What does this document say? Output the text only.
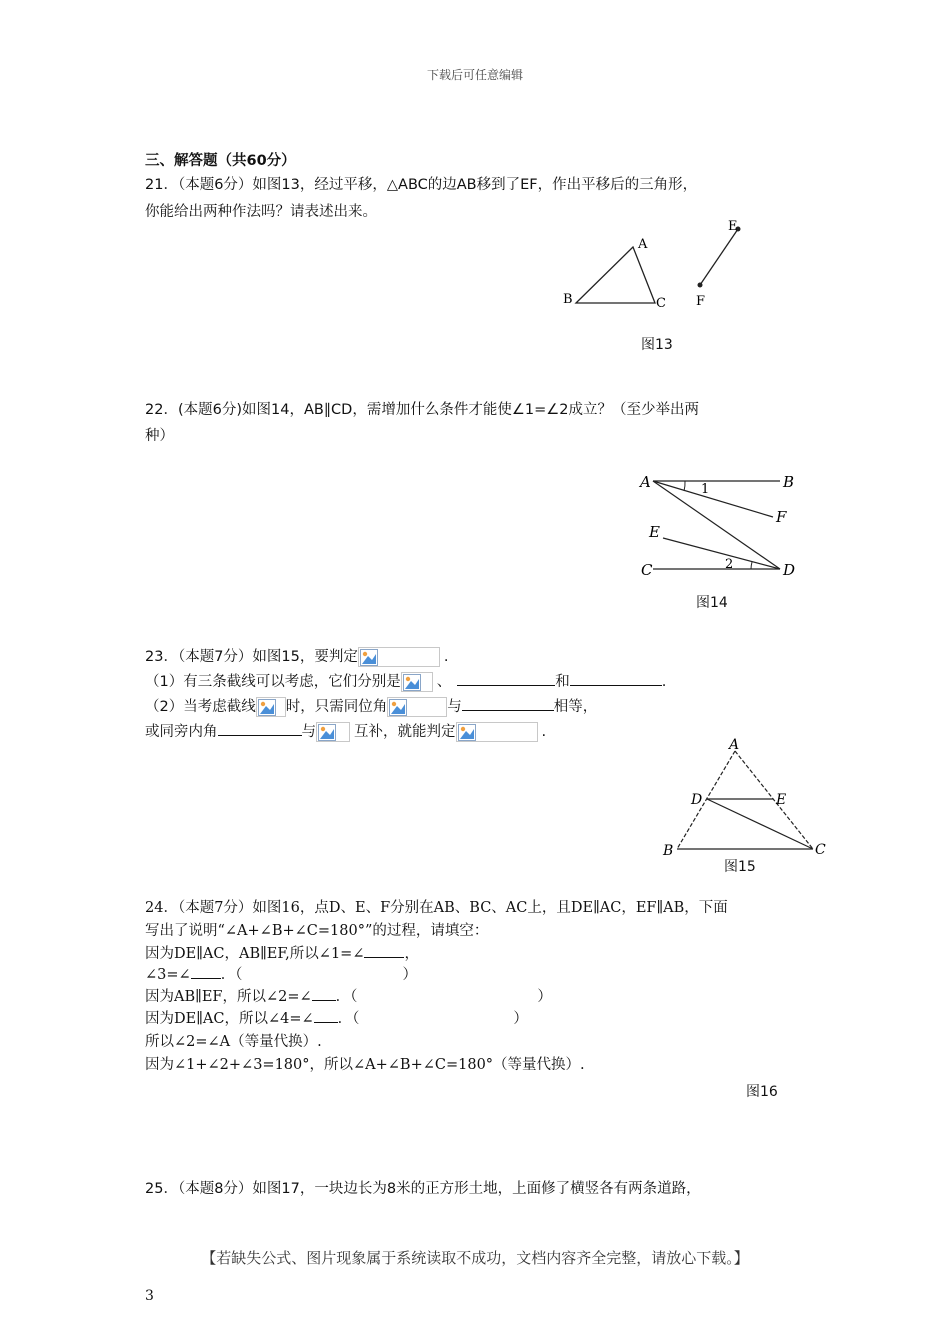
下载后可任意编辑
三、解答题（共60分）
21．（本题6分）如图13，经过平移，△ABC的边AB移到了EF，作出平移后的三角形，
你能给出两种作法吗？请表述出来。
A
B	C
E
F
图13
22．(本题6分)如图14，AB∥CD，需增加什么条件才能使∠1=∠2成立？（至少举出两
种）
A	B
F
E
C	D
1
2
图14
23．（本题7分）如图15，要判定	.
（1）有三条截线可以考虑，它们分别是 、	和	.
（2）当考虑截线 时，只需同位角	与	相等，
或同旁内角	与	互补，就能判定	.
A
D	E
B	C
图15
24．（本题7分）如图16，点D、E、F分别在AB、BC、AC上，且DE∥AC，EF∥AB，下面
写出了说明“∠A+∠B+∠C=180°”的过程，请填空：
因为DE∥AC，AB∥EF,所以∠1=∠	，
∠3=∠ ．（	）
因为AB∥EF，所以∠2=∠ ．（	）
因为DE∥AC，所以∠4=∠ ．（	）
所以∠2=∠A（等量代换）.
因为∠1+∠2+∠3=180°，所以∠A+∠B+∠C=180°（等量代换）.
图16
25．（本题8分）如图17，一块边长为8米的正方形土地，上面修了横竖各有两条道路，
【若缺失公式、图片现象属于系统读取不成功，文档内容齐全完整，请放心下载。】
3
